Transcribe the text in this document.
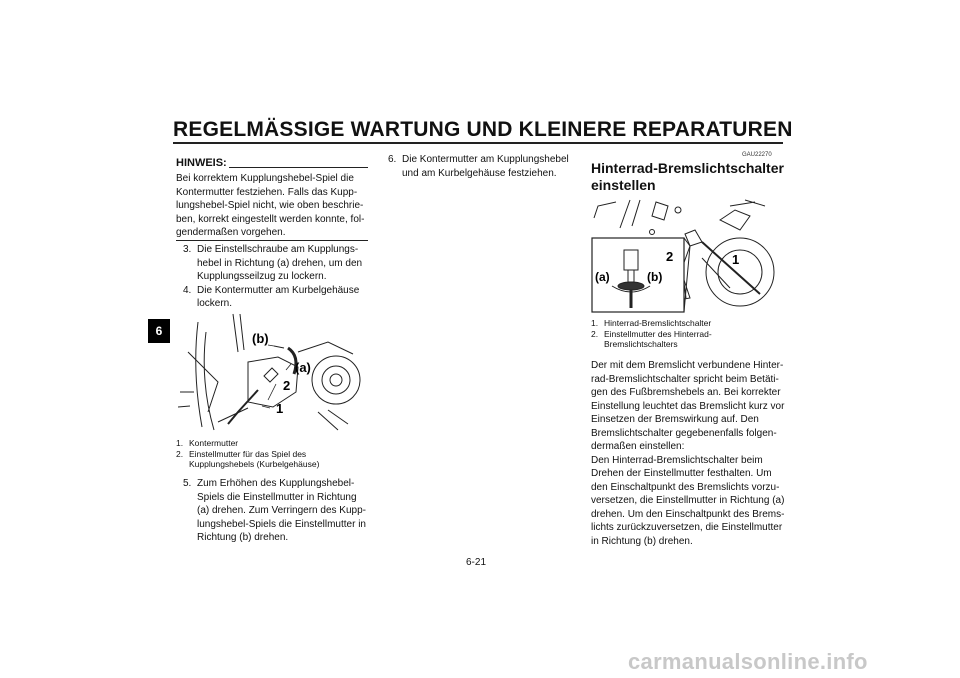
REGELMÄSSIGE WARTUNG UND KLEINERE REPARATUREN
6
HINWEIS:
Bei korrektem Kupplungshebel-Spiel die
Kontermutter festziehen. Falls das Kupp-
lungshebel-Spiel nicht, wie oben beschrie-
ben, korrekt eingestellt werden konnte, fol-
gendermaßen vorgehen.
3. Die Einstellschraube am Kupplungs-
hebel in Richtung (a) drehen, um den
Kupplungsseilzug zu lockern.
4. Die Kontermutter am Kurbelgehäuse
lockern.
(b)
(a)
2
1
1. Kontermutter
2. Einstellmutter für das Spiel des
Kupplungshebels (Kurbelgehäuse)
5. Zum Erhöhen des Kupplungshebel-
Spiels die Einstellmutter in Richtung
(a) drehen. Zum Verringern des Kupp-
lungshebel-Spiels die Einstellmutter in
Richtung (b) drehen.
6. Die Kontermutter am Kupplungshebel
und am Kurbelgehäuse festziehen.
GAU22270
Hinterrad-Bremslichtschalter
einstellen
2	1
(a)	(b)
1. Hinterrad-Bremslichtschalter
2. Einstellmutter des Hinterrad-
Bremslichtschalters
Der mit dem Bremslicht verbundene Hinter-
rad-Bremslichtschalter spricht beim Betäti-
gen des Fußbremshebels an. Bei korrekter
Einstellung leuchtet das Bremslicht kurz vor
Einsetzen der Bremswirkung auf. Den
Bremslichtschalter gegebenenfalls folgen-
dermaßen einstellen:
Den Hinterrad-Bremslichtschalter beim
Drehen der Einstellmutter festhalten. Um
den Einschaltpunkt des Bremslichts vorzu-
versetzen, die Einstellmutter in Richtung (a)
drehen. Um den Einschaltpunkt des Brems-
lichts zurückzuversetzen, die Einstellmutter
in Richtung (b) drehen.
6-21
carmanualsonline.info
